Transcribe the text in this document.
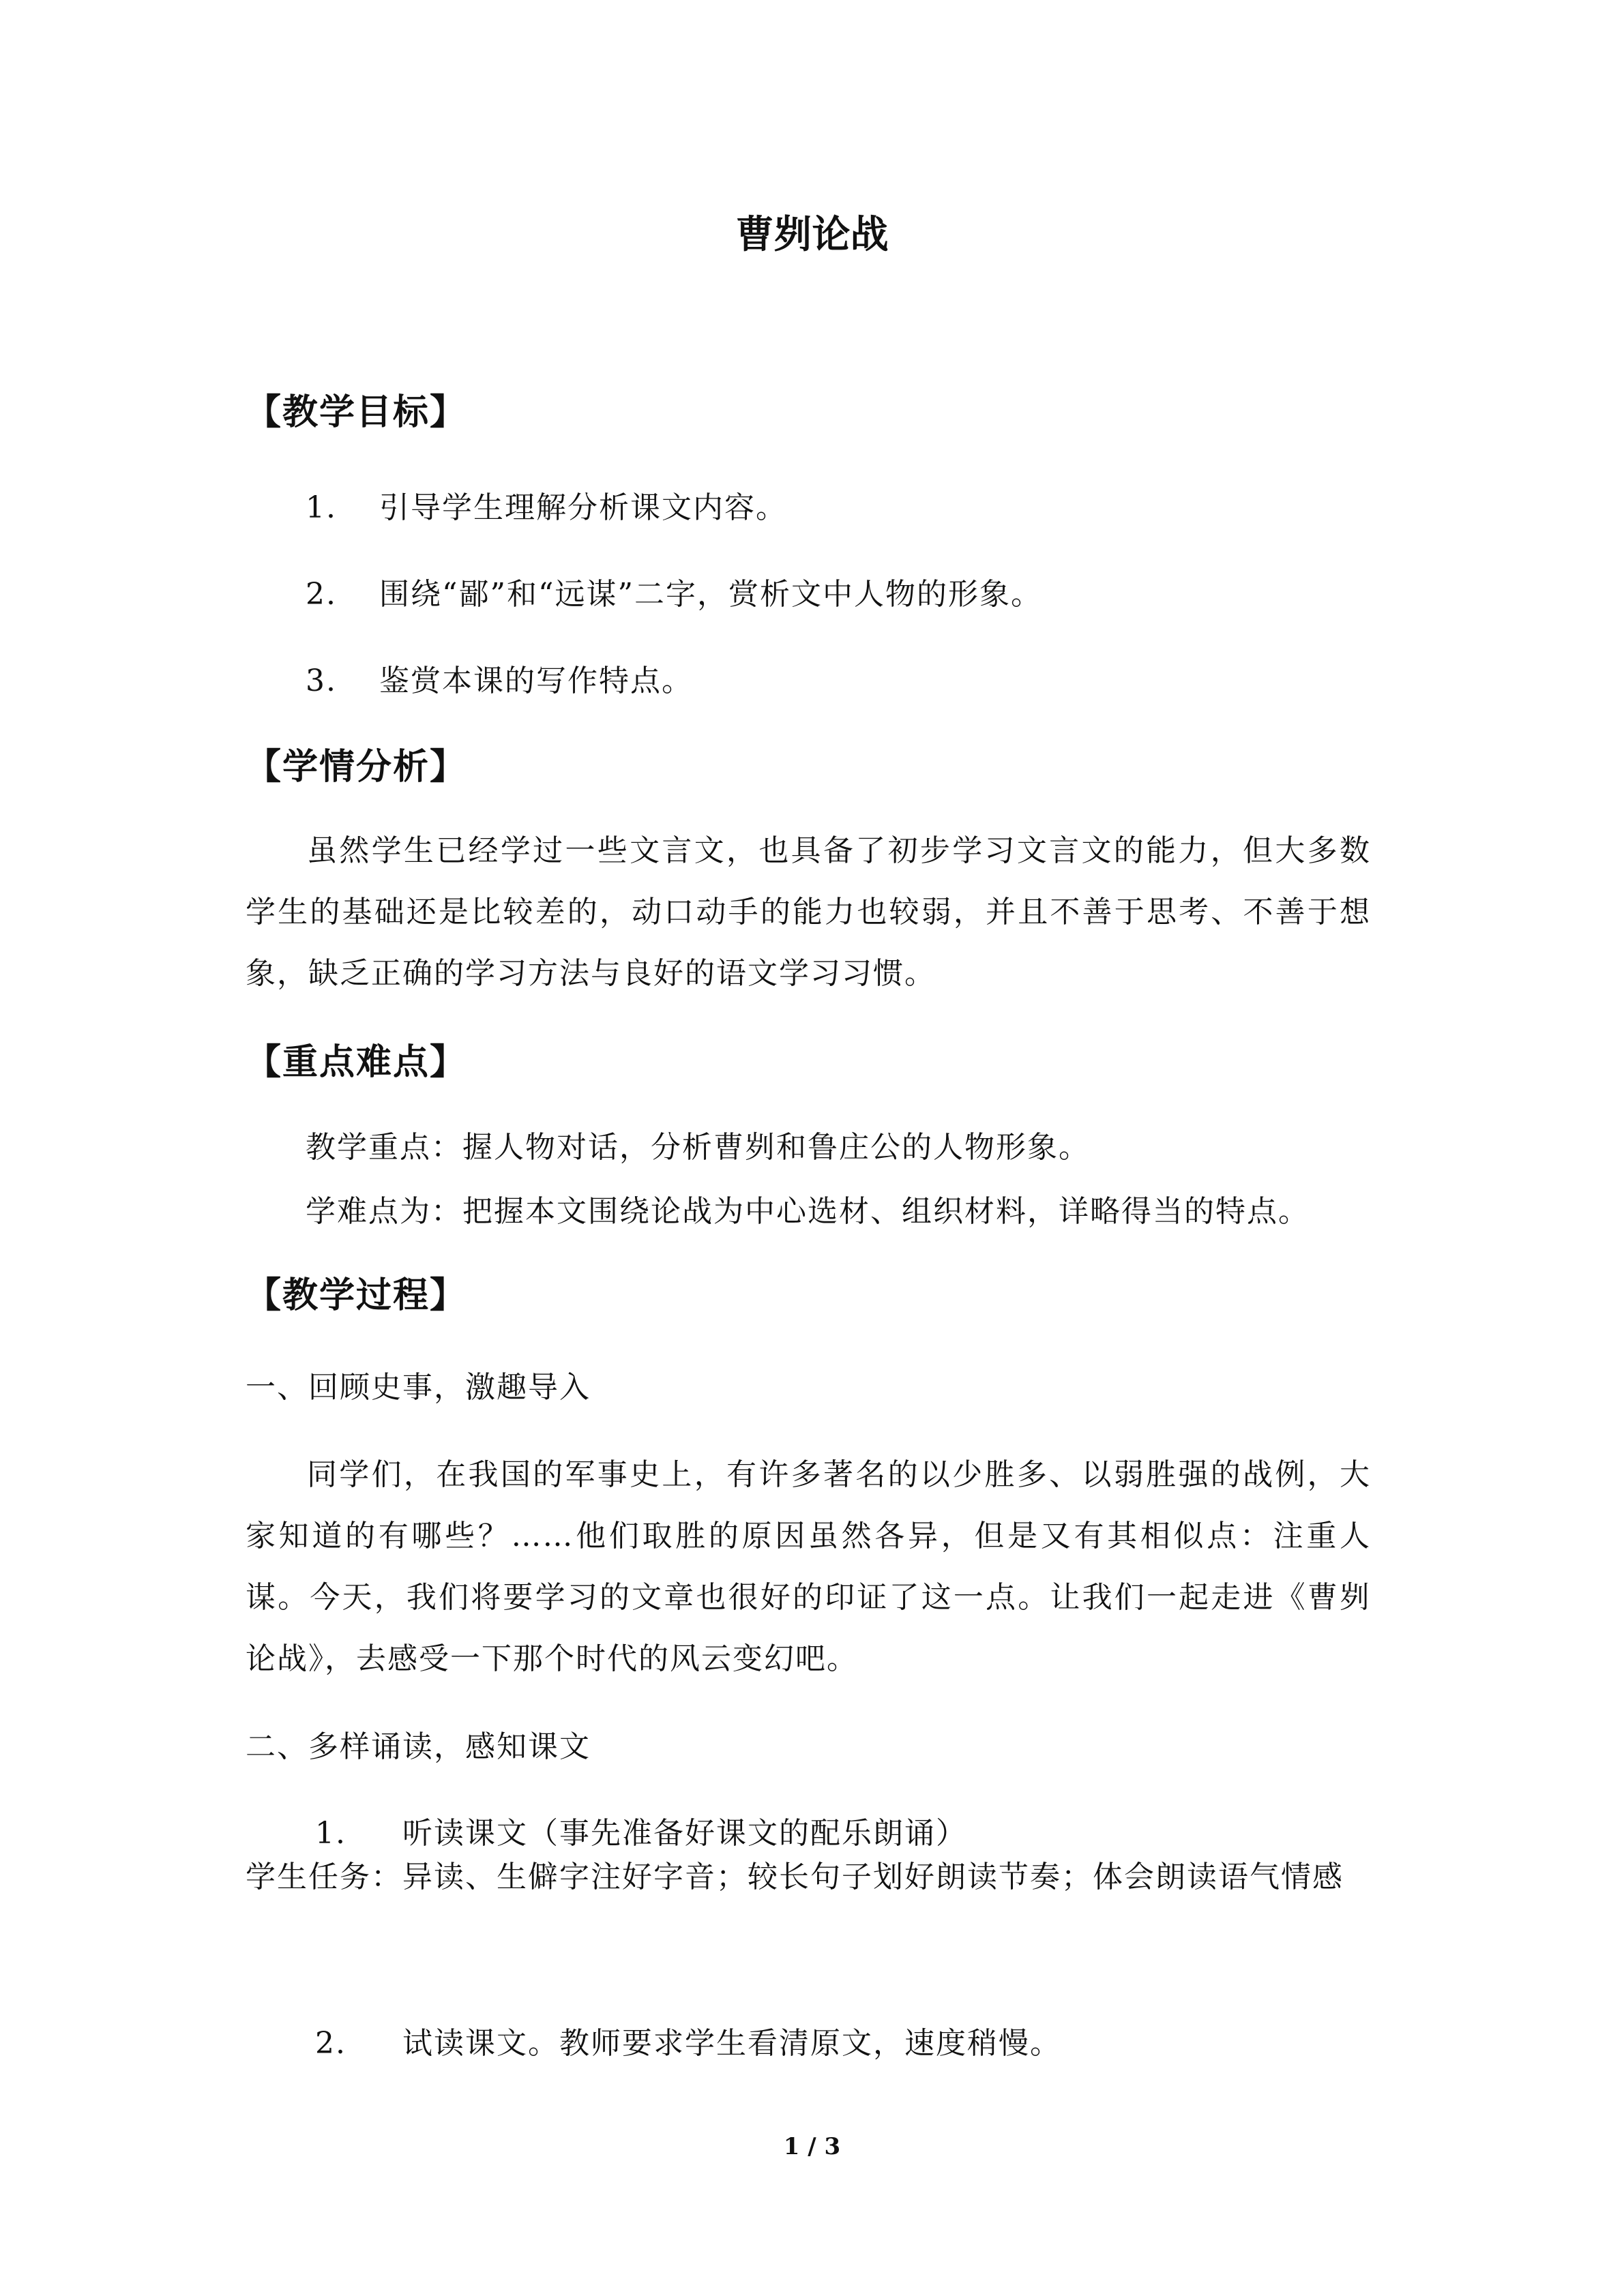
曹刿论战
【教学目标】
1. 引导学生理解分析课文内容。
2. 围绕“鄙”和“远谋”二字，赏析文中人物的形象。
3. 鉴赏本课的写作特点。
【学情分析】

虽然学生已经学过一些文言文，也具备了初步学习文言文的能力，但大多数学生的基础还是比较差的，动口动手的能力也较弱，并且不善于思考、不善于想象，缺乏正确的学习方法与良好的语文学习习惯。

【重点难点】
教学重点：握人物对话，分析曹刿和鲁庄公的人物形象。
学难点为：把握本文围绕论战为中心选材、组织材料，详略得当的特点。
【教学过程】
一、回顾史事，激趣导入

同学们，在我国的军事史上，有许多著名的以少胜多、以弱胜强的战例，大家知道的有哪些？……他们取胜的原因虽然各异，但是又有其相似点：注重人谋。今天，我们将要学习的文章也很好的印证了这一点。让我们一起走进《曹刿论战》，去感受一下那个时代的风云变幻吧。

二、多样诵读，感知课文
1. 听读课文（事先准备好课文的配乐朗诵）

学生任务：异读、生僻字注好字音；较长句子划好朗读节奏；体会朗读语气情感

2. 试读课文。教师要求学生看清原文，速度稍慢。
1 / 3
